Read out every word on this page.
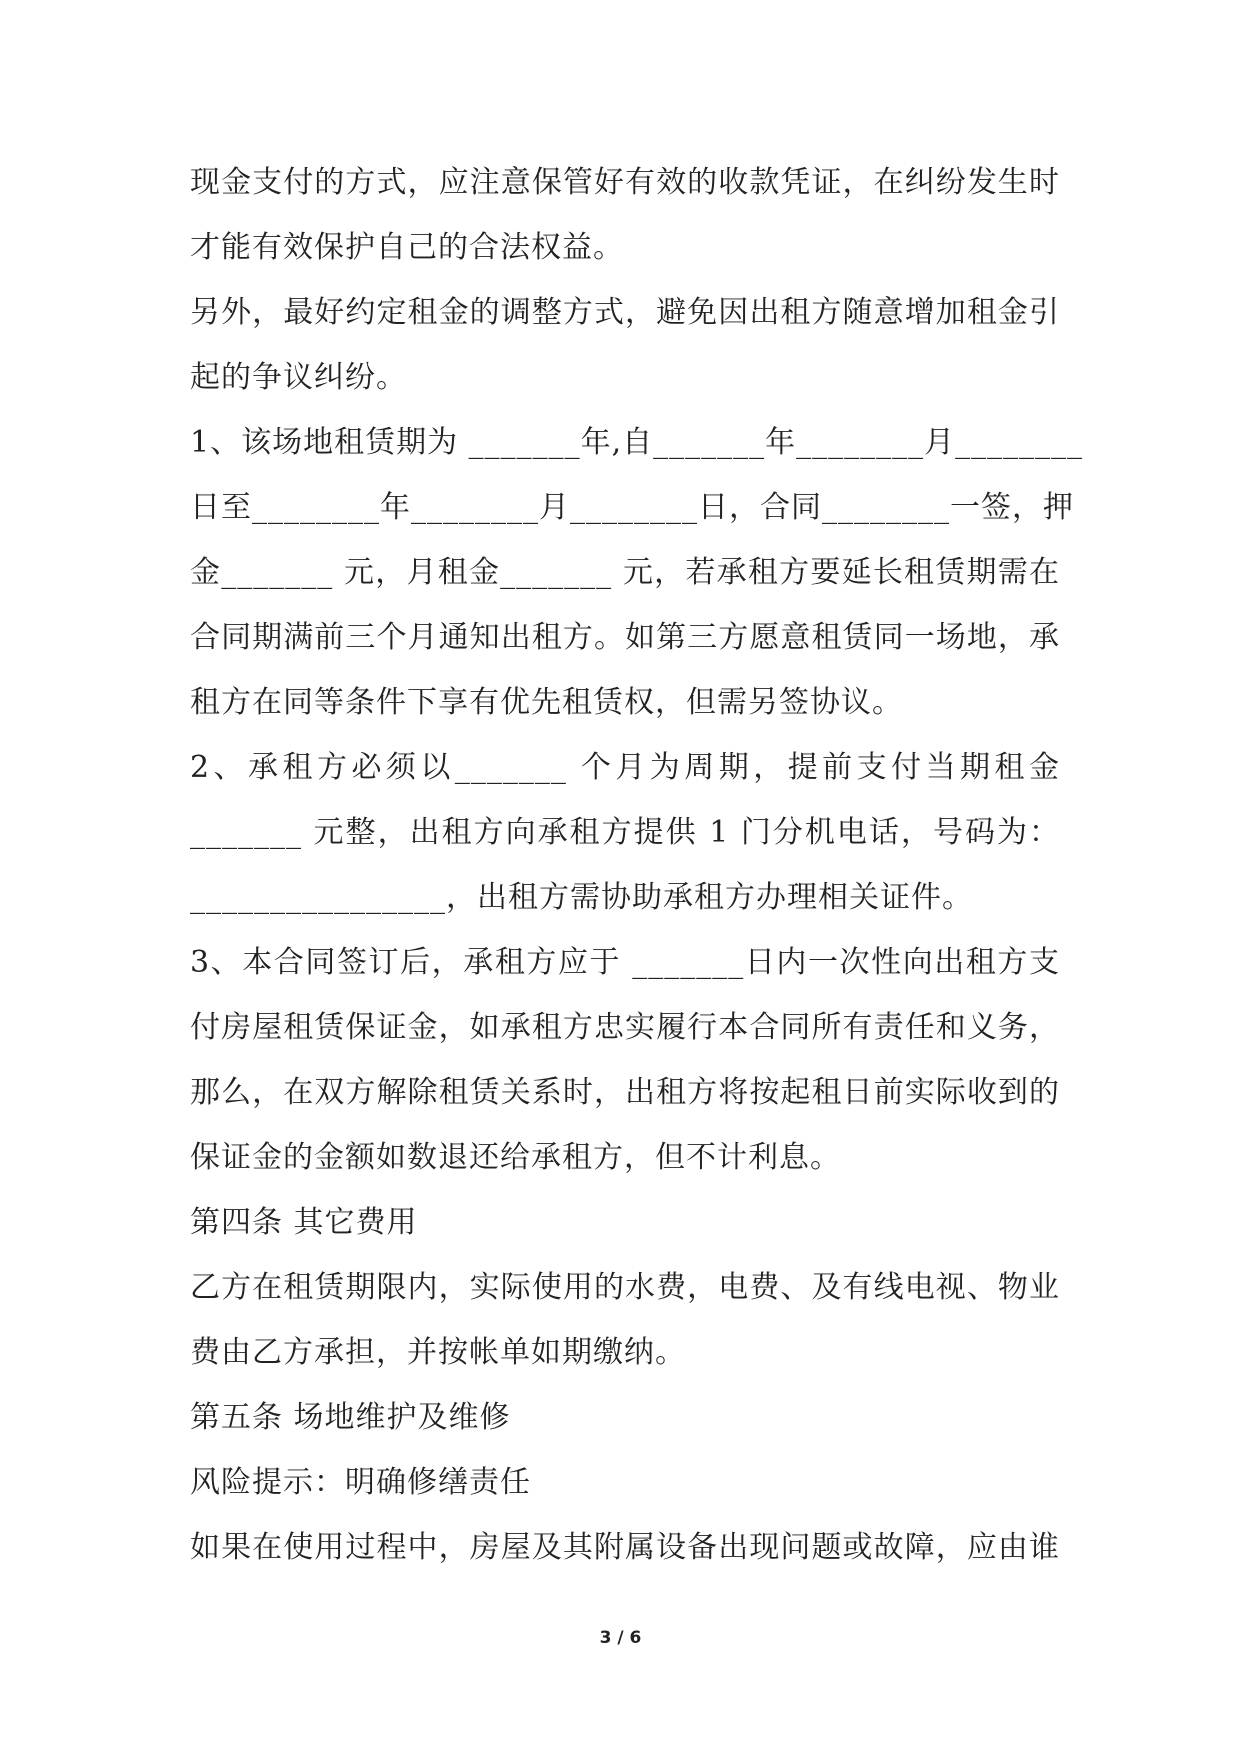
现金支付的方式，应注意保管好有效的收款凭证，在纠纷发生时
才能有效保护自己的合法权益。
另外，最好约定租金的调整方式，避免因出租方随意增加租金引
起的争议纠纷。
1、该场地租赁期为 _______年,自_______年________月________
日至________年________月________日，合同________一签，押
金_______ 元，月租金_______ 元，若承租方要延长租赁期需在
合同期满前三个月通知出租方。如第三方愿意租赁同一场地，承
租方在同等条件下享有优先租赁权，但需另签协议。
2、承租方必须以_______ 个月为周期，提前支付当期租金
_______ 元整，出租方向承租方提供 1 门分机电话，号码为：
________________，出租方需协助承租方办理相关证件。
3、本合同签订后，承租方应于 _______日内一次性向出租方支
付房屋租赁保证金，如承租方忠实履行本合同所有责任和义务，
那么，在双方解除租赁关系时，出租方将按起租日前实际收到的
保证金的金额如数退还给承租方，但不计利息。
第四条 其它费用
乙方在租赁期限内，实际使用的水费，电费、及有线电视、物业
费由乙方承担，并按帐单如期缴纳。
第五条 场地维护及维修
风险提示：明确修缮责任
如果在使用过程中，房屋及其附属设备出现问题或故障，应由谁
3 / 6
